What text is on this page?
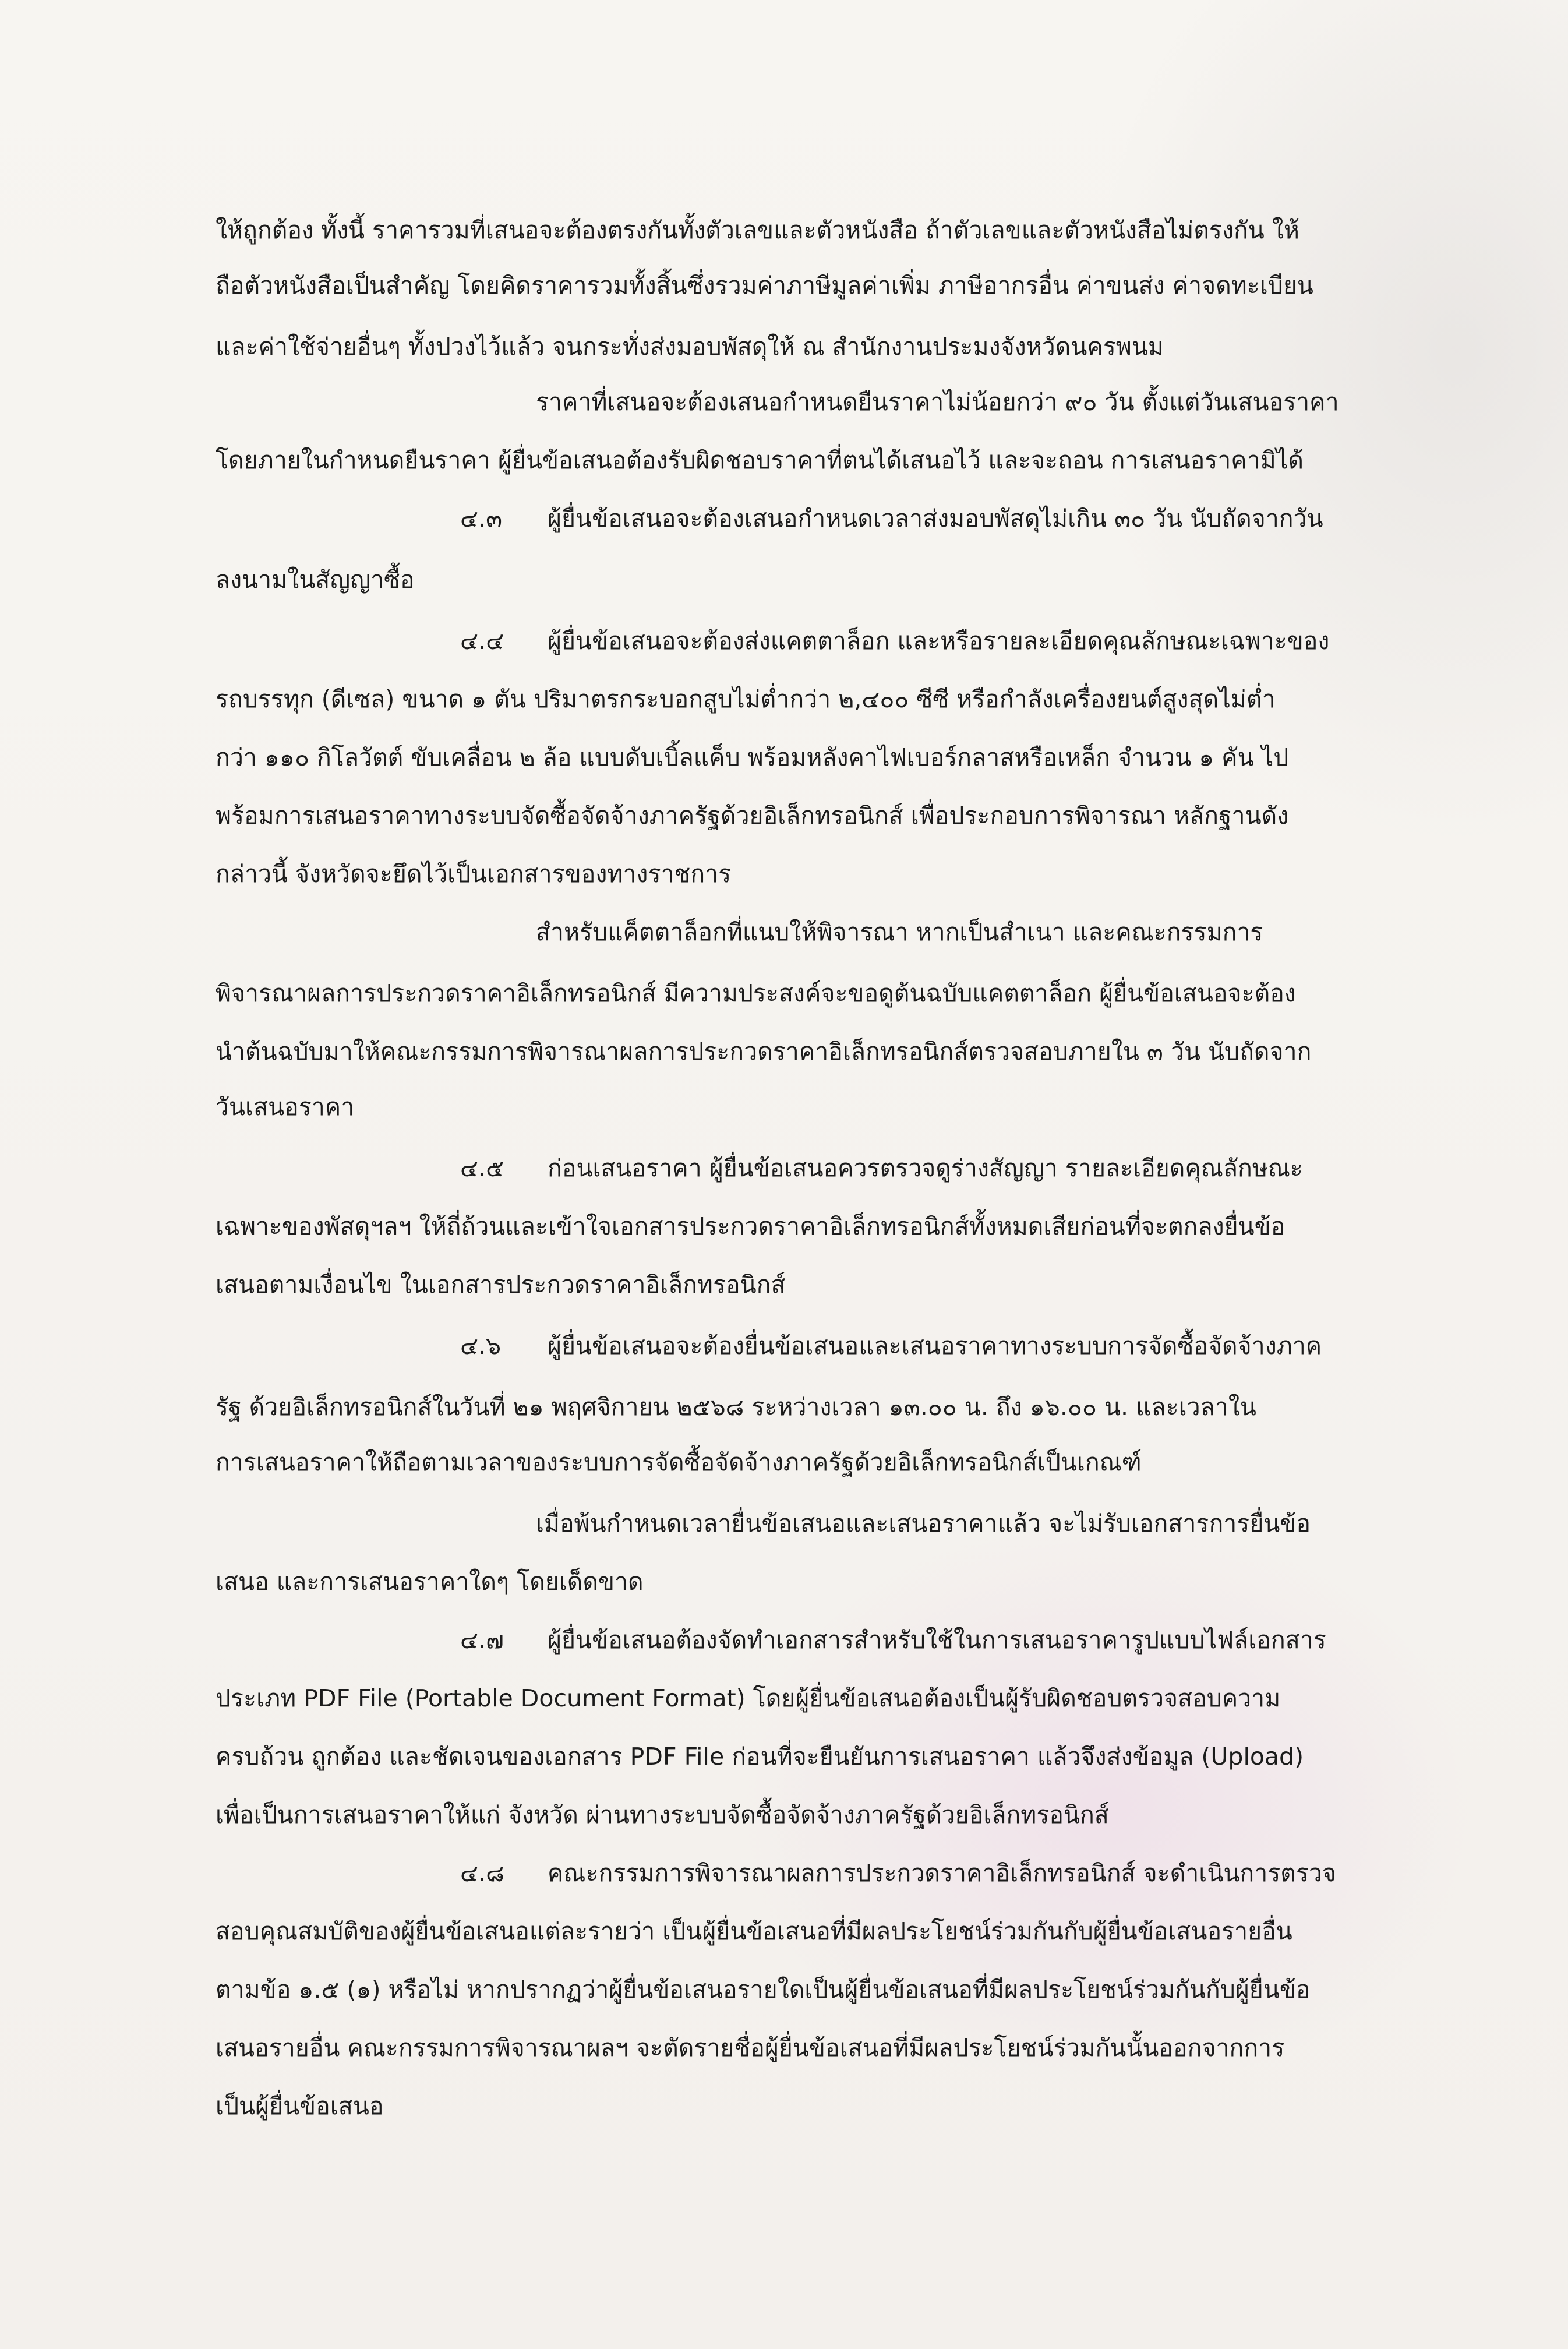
ให้ถูกต้อง ทั้งนี้ ราคารวมที่เสนอจะต้องตรงกันทั้งตัวเลขและตัวหนังสือ ถ้าตัวเลขและตัวหนังสือไม่ตรงกัน ให้

ถือตัวหนังสือเป็นสำคัญ โดยคิดราคารวมทั้งสิ้นซึ่งรวมค่าภาษีมูลค่าเพิ่ม ภาษีอากรอื่น ค่าขนส่ง ค่าจดทะเบียน

และค่าใช้จ่ายอื่นๆ ทั้งปวงไว้แล้ว จนกระทั่งส่งมอบพัสดุให้ ณ สำนักงานประมงจังหวัดนครพนม

ราคาที่เสนอจะต้องเสนอกำหนดยืนราคาไม่น้อยกว่า ๙๐ วัน ตั้งแต่วันเสนอราคา

โดยภายในกำหนดยืนราคา ผู้ยื่นข้อเสนอต้องรับผิดชอบราคาที่ตนได้เสนอไว้ และจะถอน การเสนอราคามิได้

๔.๓	ผู้ยื่นข้อเสนอจะต้องเสนอกำหนดเวลาส่งมอบพัสดุไม่เกิน ๓๐ วัน นับถัดจากวัน

ลงนามในสัญญาซื้อ

๔.๔	ผู้ยื่นข้อเสนอจะต้องส่งแคตตาล็อก และหรือรายละเอียดคุณลักษณะเฉพาะของ

รถบรรทุก (ดีเซล) ขนาด ๑ ตัน ปริมาตรกระบอกสูบไม่ต่ำกว่า ๒,๔๐๐ ซีซี หรือกำลังเครื่องยนต์สูงสุดไม่ต่ำ

กว่า ๑๑๐ กิโลวัตต์ ขับเคลื่อน ๒ ล้อ แบบดับเบิ้ลแค็บ พร้อมหลังคาไฟเบอร์กลาสหรือเหล็ก จำนวน ๑ คัน ไป

พร้อมการเสนอราคาทางระบบจัดซื้อจัดจ้างภาครัฐด้วยอิเล็กทรอนิกส์ เพื่อประกอบการพิจารณา หลักฐานดัง

กล่าวนี้ จังหวัดจะยึดไว้เป็นเอกสารของทางราชการ

สำหรับแค็ตตาล็อกที่แนบให้พิจารณา หากเป็นสำเนา และคณะกรรมการ

พิจารณาผลการประกวดราคาอิเล็กทรอนิกส์ มีความประสงค์จะขอดูต้นฉบับแคตตาล็อก ผู้ยื่นข้อเสนอจะต้อง

นำต้นฉบับมาให้คณะกรรมการพิจารณาผลการประกวดราคาอิเล็กทรอนิกส์ตรวจสอบภายใน ๓ วัน นับถัดจาก

วันเสนอราคา

๔.๕	ก่อนเสนอราคา ผู้ยื่นข้อเสนอควรตรวจดูร่างสัญญา รายละเอียดคุณลักษณะ

เฉพาะของพัสดุฯลฯ ให้ถี่ถ้วนและเข้าใจเอกสารประกวดราคาอิเล็กทรอนิกส์ทั้งหมดเสียก่อนที่จะตกลงยื่นข้อ

เสนอตามเงื่อนไข ในเอกสารประกวดราคาอิเล็กทรอนิกส์

๔.๖	ผู้ยื่นข้อเสนอจะต้องยื่นข้อเสนอและเสนอราคาทางระบบการจัดซื้อจัดจ้างภาค

รัฐ ด้วยอิเล็กทรอนิกส์ในวันที่ ๒๑ พฤศจิกายน ๒๕๖๘ ระหว่างเวลา ๑๓.๐๐ น. ถึง ๑๖.๐๐ น. และเวลาใน

การเสนอราคาให้ถือตามเวลาของระบบการจัดซื้อจัดจ้างภาครัฐด้วยอิเล็กทรอนิกส์เป็นเกณฑ์

เมื่อพ้นกำหนดเวลายื่นข้อเสนอและเสนอราคาแล้ว จะไม่รับเอกสารการยื่นข้อ

เสนอ และการเสนอราคาใดๆ โดยเด็ดขาด

๔.๗	ผู้ยื่นข้อเสนอต้องจัดทำเอกสารสำหรับใช้ในการเสนอราคารูปแบบไฟล์เอกสาร

ประเภท PDF File (Portable Document Format) โดยผู้ยื่นข้อเสนอต้องเป็นผู้รับผิดชอบตรวจสอบความ

ครบถ้วน ถูกต้อง และชัดเจนของเอกสาร PDF File ก่อนที่จะยืนยันการเสนอราคา แล้วจึงส่งข้อมูล (Upload)

เพื่อเป็นการเสนอราคาให้แก่ จังหวัด ผ่านทางระบบจัดซื้อจัดจ้างภาครัฐด้วยอิเล็กทรอนิกส์

๔.๘	คณะกรรมการพิจารณาผลการประกวดราคาอิเล็กทรอนิกส์ จะดำเนินการตรวจ

สอบคุณสมบัติของผู้ยื่นข้อเสนอแต่ละรายว่า เป็นผู้ยื่นข้อเสนอที่มีผลประโยชน์ร่วมกันกับผู้ยื่นข้อเสนอรายอื่น

ตามข้อ ๑.๕ (๑) หรือไม่ หากปรากฏว่าผู้ยื่นข้อเสนอรายใดเป็นผู้ยื่นข้อเสนอที่มีผลประโยชน์ร่วมกันกับผู้ยื่นข้อ

เสนอรายอื่น คณะกรรมการพิจารณาผลฯ จะตัดรายชื่อผู้ยื่นข้อเสนอที่มีผลประโยชน์ร่วมกันนั้นออกจากการ

เป็นผู้ยื่นข้อเสนอ
